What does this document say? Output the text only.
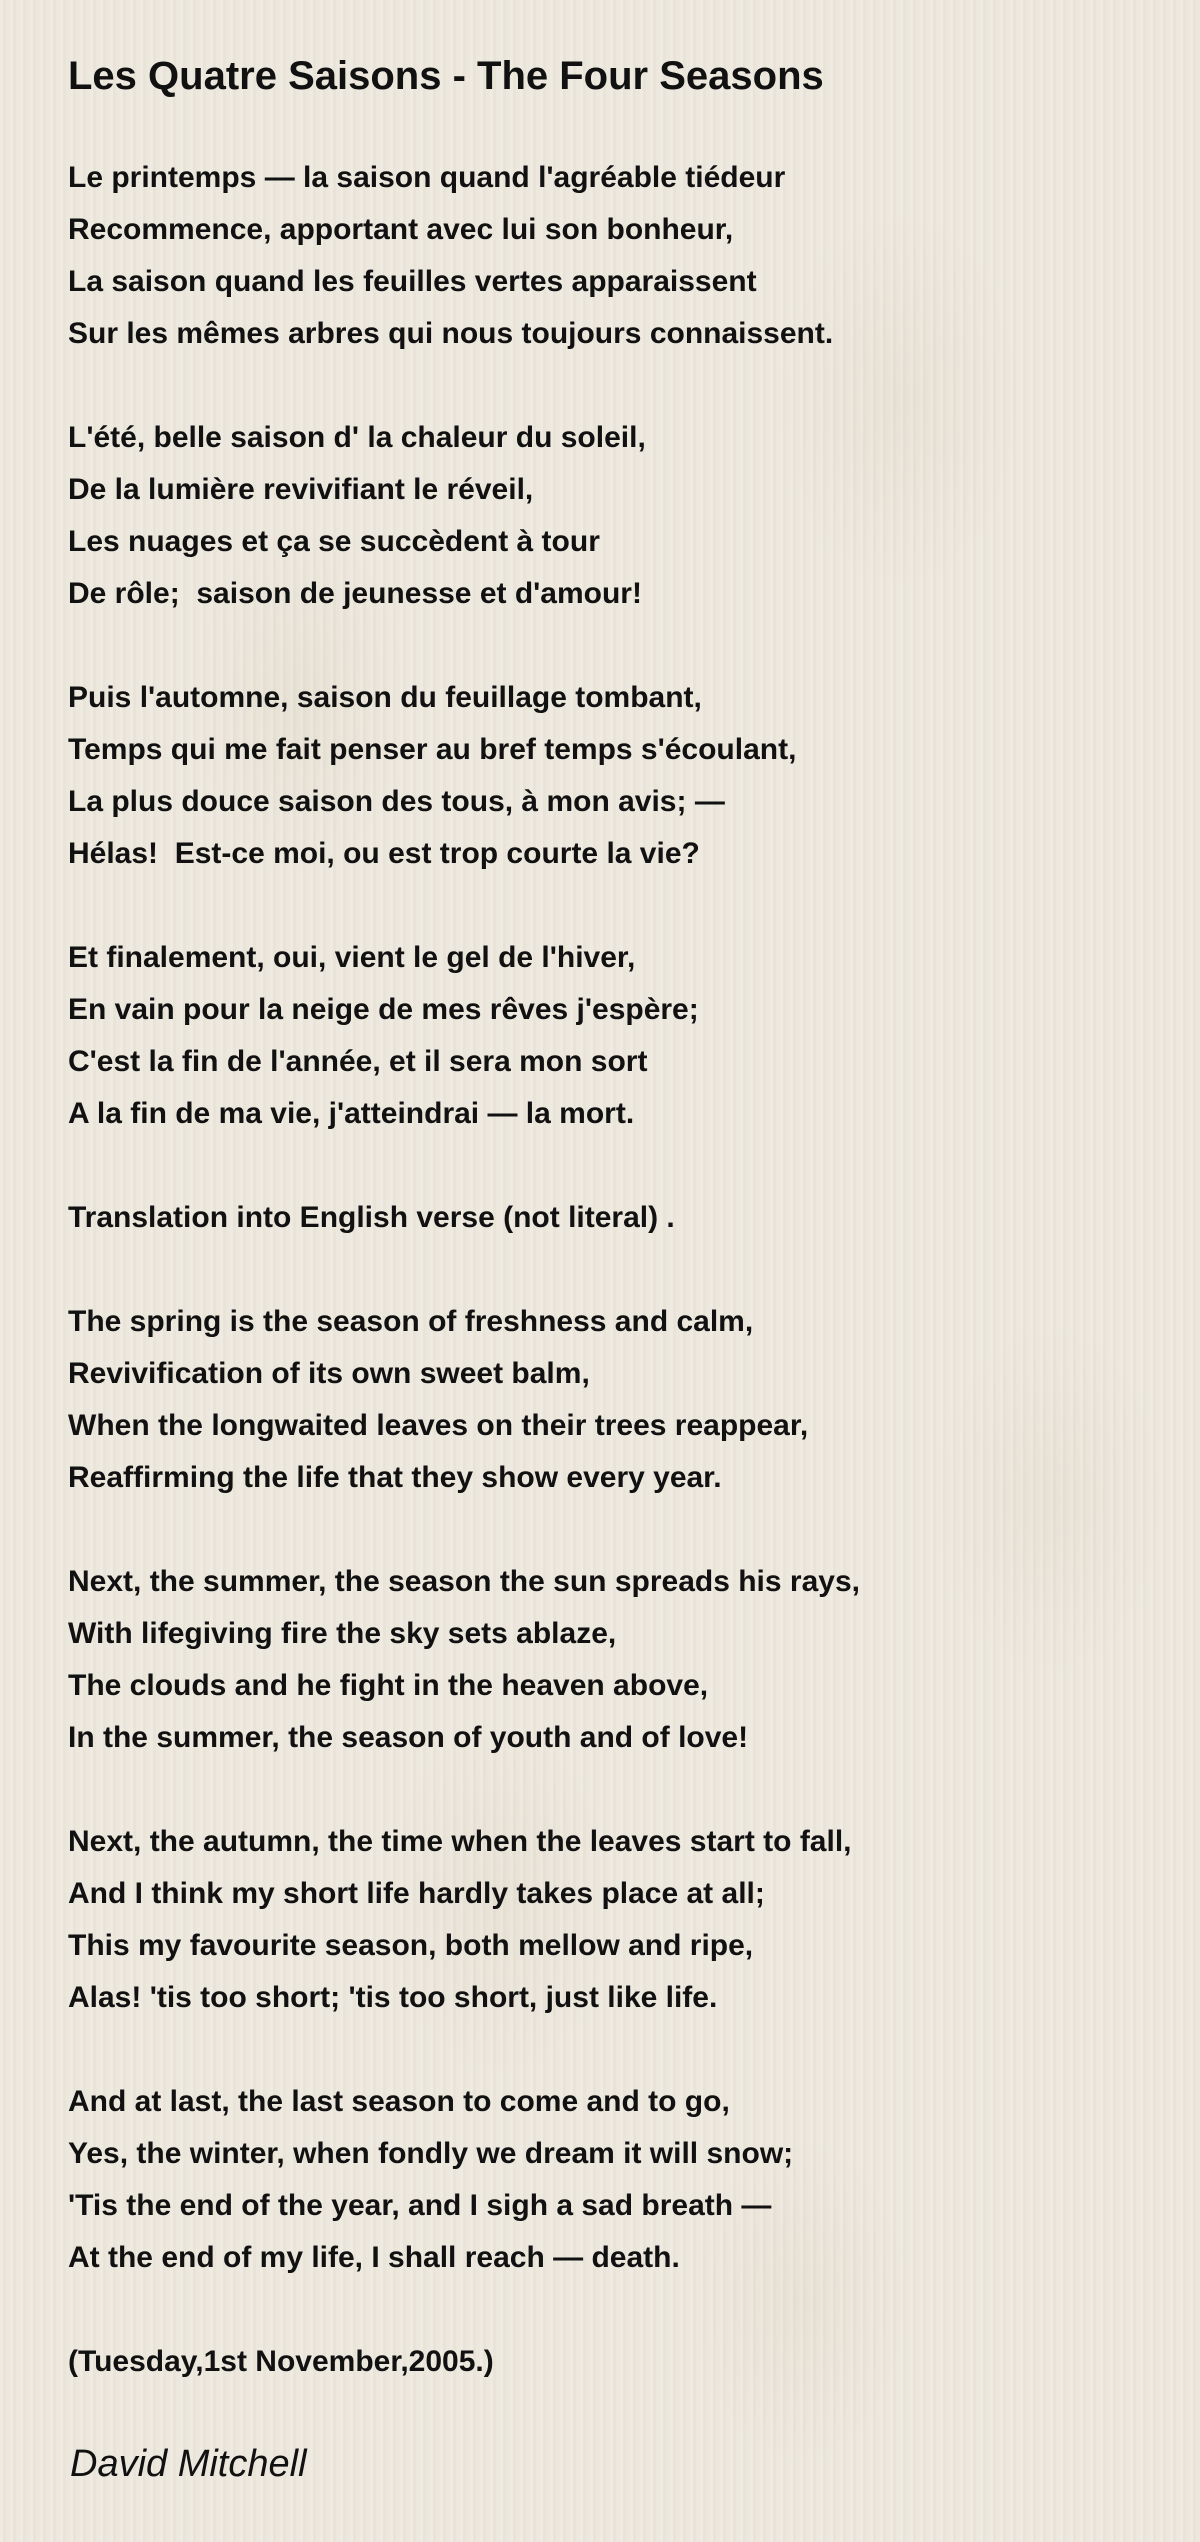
Les Quatre Saisons - The Four Seasons
Le printemps — la saison quand l'agréable tiédeur
Recommence, apportant avec lui son bonheur,
La saison quand les feuilles vertes apparaissent
Sur les mêmes arbres qui nous toujours connaissent.
L'été, belle saison d' la chaleur du soleil,
De la lumière revivifiant le réveil,
Les nuages et ça se succèdent à tour
De rôle;  saison de jeunesse et d'amour!
Puis l'automne, saison du feuillage tombant,
Temps qui me fait penser au bref temps s'écoulant,
La plus douce saison des tous, à mon avis; —
Hélas!  Est-ce moi, ou est trop courte la vie?
Et finalement, oui, vient le gel de l'hiver,
En vain pour la neige de mes rêves j'espère;
C'est la fin de l'année, et il sera mon sort
A la fin de ma vie, j'atteindrai — la mort.
Translation into English verse (not literal) .
The spring is the season of freshness and calm,
Revivification of its own sweet balm,
When the longwaited leaves on their trees reappear,
Reaffirming the life that they show every year.
Next, the summer, the season the sun spreads his rays,
With lifegiving fire the sky sets ablaze,
The clouds and he fight in the heaven above,
In the summer, the season of youth and of love!
Next, the autumn, the time when the leaves start to fall,
And I think my short life hardly takes place at all;
This my favourite season, both mellow and ripe,
Alas! 'tis too short; 'tis too short, just like life.
And at last, the last season to come and to go,
Yes, the winter, when fondly we dream it will snow;
'Tis the end of the year, and I sigh a sad breath —
At the end of my life, I shall reach — death.
(Tuesday,1st November,2005.)
David Mitchell
